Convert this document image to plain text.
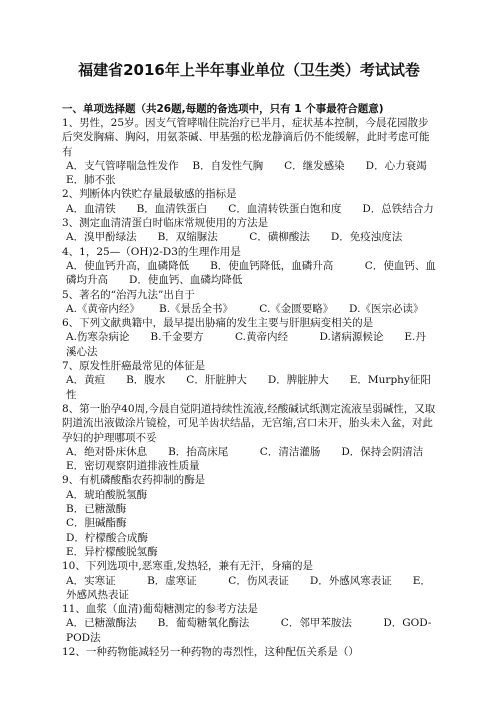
福建省2016年上半年事业单位（卫生类）考试试卷
一、单项选择题（共26题,每题的备选项中，只有 1 个事最符合题意)
1、男性，25岁。因支气管哮喘住院治疗已半月，症状基本控制，今晨花园散步后突发胸痛、胸闷，用氨茶碱、甲基强的松龙静滴后仍不能缓解，此时考虑可能有
A．支气管哮喘急性发作　 B．自发性气胸　　C．继发感染　　D．心力衰竭　　E．肺不张
2、判断体内铁贮存量最敏感的指标是
A．血清铁　　B．血清铁蛋白　　C．血清转铁蛋白饱和度　　D．总铁结合力
3、测定血清清蛋白时临床常规使用的方法是
A．溴甲酚绿法　　B．双缩脲法　　　C．磺柳酸法　　D．免疫浊度法
4、1，25—（OH)2-D3的生理作用是
A．使血钙升高，血磷降低　　B．使血钙降低，血磷升高　　　C．使血钙、血磷均升高　　D．使血钙、血磷均降低
5、著名的“治泻九法”出自于
A.《黄帝内经》　　 B.《景岳全书》　　　C.《金匮要略》　　D.《医宗必读》
6、下列文献典籍中，最早提出胁痛的发生主要与肝胆病变相关的是
A.伤寒杂病论　　B.千金要方　　　C.黄帝内经　　　D.诸病源候论　　E.丹溪心法
7、原发性肝癌最常见的体征是
A．黄疸　　B．腹水　　C．肝脏肿大　　D．脾脏肿大　　E．Murphy征阳性
8、第一胎孕40周,今晨自觉阴道持续性流液,经酸碱试纸测定流液呈弱碱性，又取阴道流出液做涂片镜检，可见羊齿状结晶，无宫缩,宫口未开，胎头未入盆，对此孕妇的护理哪项不妥
A．绝对卧床休息　　B．抬高床尾　　　C．清洁灌肠　　D．保持会阴清洁　E．密切观察阴道排液性质量
9、有机磷酸酯农药抑制的酶是
A．琥珀酸脱氢酶
B．已糖激酶
C．胆碱酯酶
D．柠檬酸合成酶
E．异柠檬酸脱氢酶
10、下列选项中,恶寒重,发热轻，兼有无汗，身痛的是
A．实寒证　　　B．虚寒证　　　C．伤风表证　　D．外感风寒表证　　E．外感风热表证
11、血浆（血清)葡萄糖测定的参考方法是
A．已糖激酶法　　B．葡萄糖氧化酶法　　　C．邻甲苯胺法　　　D．GOD-POD法
12、一种药物能减轻另一种药物的毒烈性，这种配伍关系是（）
